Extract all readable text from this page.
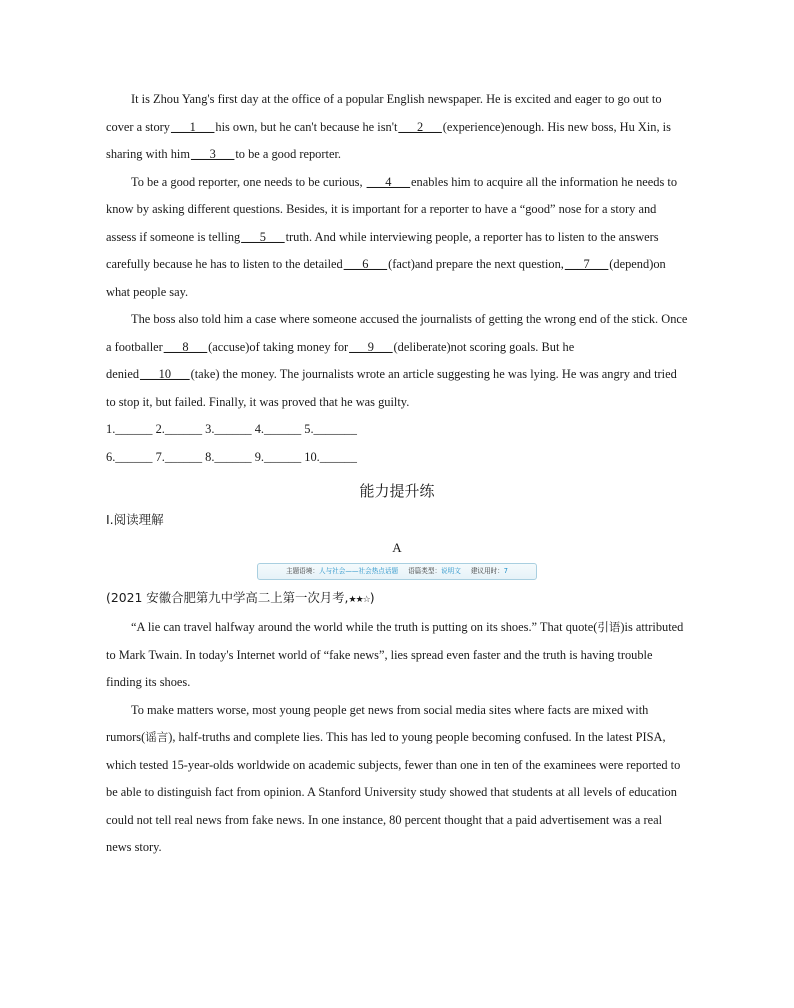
It is Zhou Yang's first day at the office of a popular English newspaper. He is excited and eager to go out to cover a story___1___his own, but he can't because he isn't___2___(experience)enough. His new boss, Hu Xin, is sharing with him___3___to be a good reporter.

To be a good reporter, one needs to be curious, ___4___enables him to acquire all the information he needs to know by asking different questions. Besides, it is important for a reporter to have a “good” nose for a story and assess if someone is telling___5___truth. And while interviewing people, a reporter has to listen to the answers carefully because he has to listen to the detailed___6___(fact)and prepare the next question,___7___(depend)on what people say.

The boss also told him a case where someone accused the journalists of getting the wrong end of the stick. Once a footballer___8___(accuse)of taking money for___9___(deliberate)not scoring goals. But he denied___10___(take) the money. The journalists wrote an article suggesting he was lying. He was angry and tried to stop it, but failed. Finally, it was proved that he was guilty.

1.______ 2.______ 3.______ 4.______ 5._______

6.______ 7.______ 8.______ 9.______ 10.______

能力提升练

Ⅰ.阅读理解

A

主题语境：人与社会——社会热点话题 语篇类型：说明文 建议用时：7

(2021 安徽合肥第九中学高二上第一次月考,★★☆)

“A lie can travel halfway around the world while the truth is putting on its shoes.” That quote(引语)is attributed to Mark Twain. In today's Internet world of “fake news”, lies spread even faster and the truth is having trouble finding its shoes.

To make matters worse, most young people get news from social media sites where facts are mixed with rumors(谣言), half-truths and complete lies. This has led to young people becoming confused. In the latest PISA, which tested 15-year-olds worldwide on academic subjects, fewer than one in ten of the examinees were reported to be able to distinguish fact from opinion. A Stanford University study showed that students at all levels of education could not tell real news from fake news. In one instance, 80 percent thought that a paid advertisement was a real news story.
